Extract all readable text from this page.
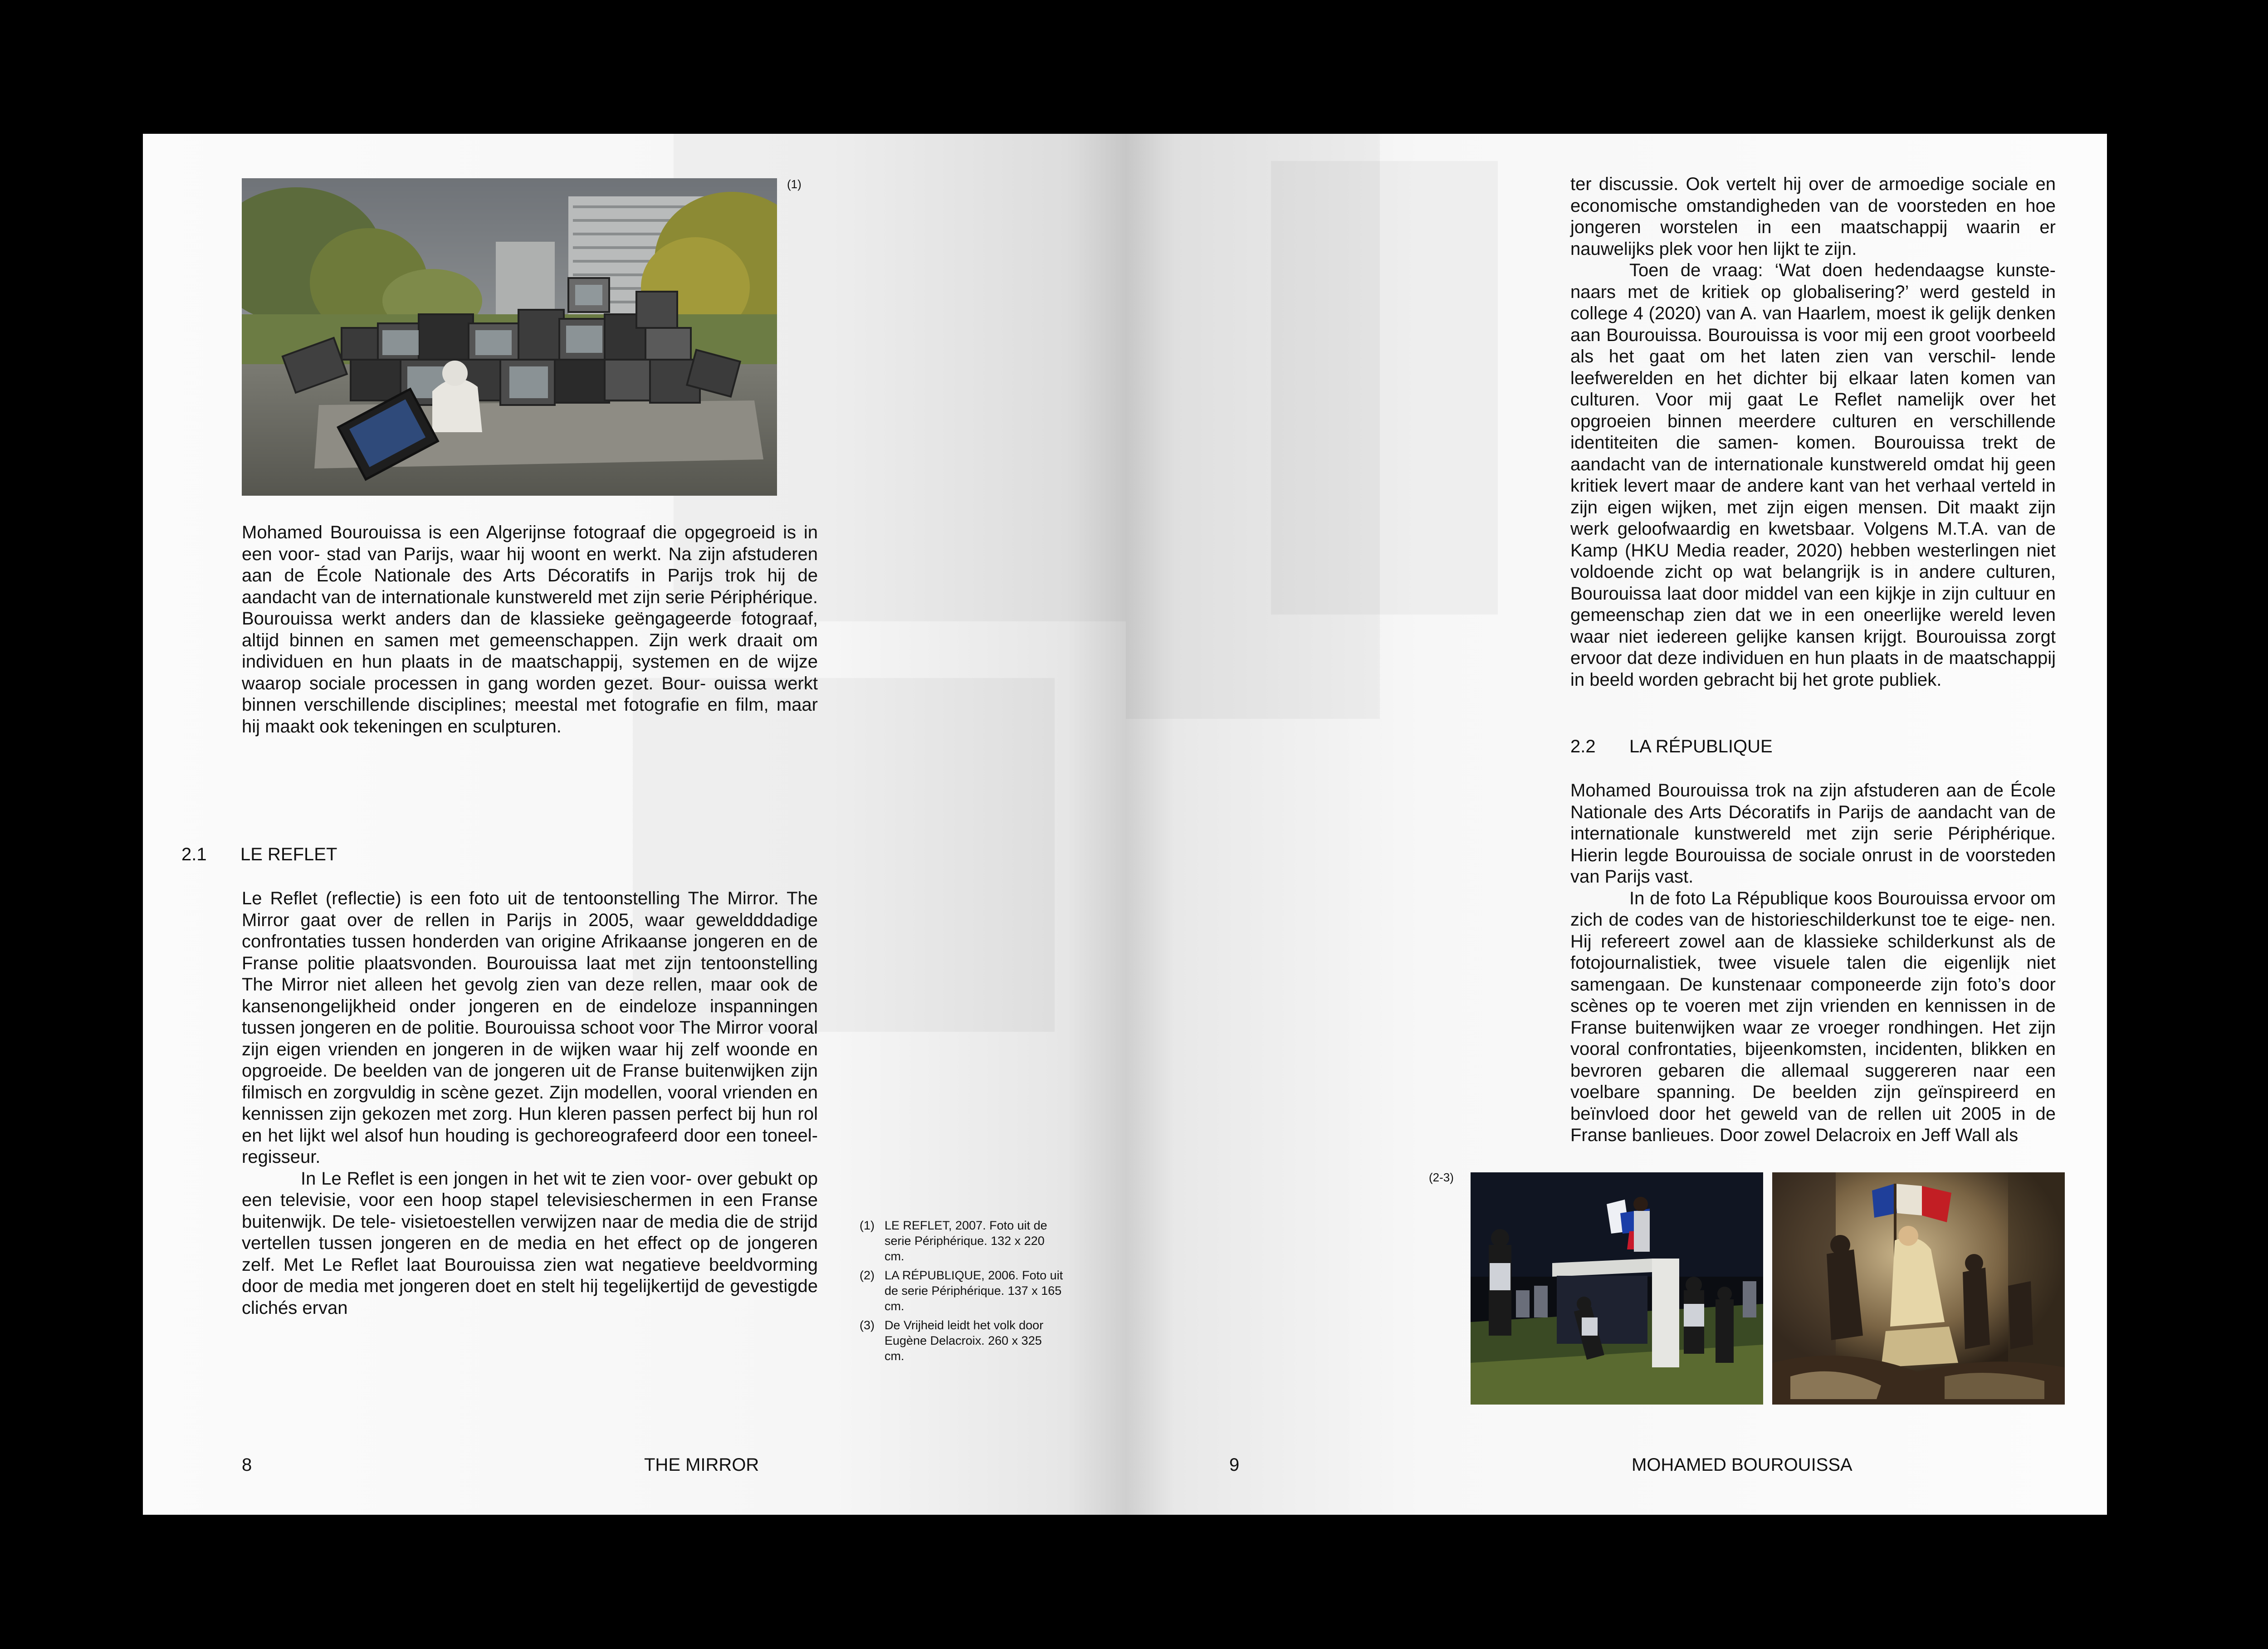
(1)

Mohamed Bourouissa is een Algerijnse fotograaf die opgegroeid is in een voor- stad van Parijs, waar hij woont en werkt. Na zijn afstuderen aan de École Nationale des Arts Décoratifs in Parijs trok hij de aandacht van de internationale kunstwereld met zijn serie Périphérique. Bourouissa werkt anders dan de klassieke geëngageerde fotograaf, altijd binnen en samen met gemeenschappen. Zijn werk draait om individuen en hun plaats in de maatschappij, systemen en de wijze waarop sociale processen in gang worden gezet. Bour- ouissa werkt binnen verschillende disciplines; meestal met fotografie en film, maar hij maakt ook tekeningen en sculpturen.

2.1 LE REFLET

Le Reflet (reflectie) is een foto uit de tentoonstelling The Mirror. The Mirror gaat over de rellen in Parijs in 2005, waar geweldddadige confrontaties tussen honderden van origine Afrikaanse jongeren en de Franse politie plaatsvonden. Bourouissa laat met zijn tentoonstelling The Mirror niet alleen het gevolg zien van deze rellen, maar ook de kansenongelijkheid onder jongeren en de eindeloze inspanningen tussen jongeren en de politie. Bourouissa schoot voor The Mirror vooral zijn eigen vrienden en jongeren in de wijken waar hij zelf woonde en opgroeide. De beelden van de jongeren uit de Franse buitenwijken zijn filmisch en zorgvuldig in scène gezet. Zijn modellen, vooral vrienden en kennissen zijn gekozen met zorg. Hun kleren passen perfect bij hun rol en het lijkt wel alsof hun houding is gechoreografeerd door een toneel- regisseur.

In Le Reflet is een jongen in het wit te zien voor- over gebukt op een televisie, voor een hoop stapel televisieschermen in een Franse buitenwijk. De tele- visietoestellen verwijzen naar de media die de strijd vertellen tussen jongeren en de media en het effect op de jongeren zelf. Met Le Reflet laat Bourouissa zien wat negatieve beeldvorming door de media met jongeren doet en stelt hij tegelijkertijd de gevestigde clichés ervan

(1) LE REFLET, 2007. Foto uit de serie Périphérique. 132 x 220 cm.
(2) LA RÉPUBLIQUE, 2006. Foto uit de serie Périphérique. 137 x 165 cm.
(3) De Vrijheid leidt het volk door Eugène Delacroix. 260 x 325 cm.
8	THE MIRROR

ter discussie. Ook vertelt hij over de armoedige sociale en economische omstandigheden van de voorsteden en hoe jongeren worstelen in een maatschappij waarin er nauwelijks plek voor hen lijkt te zijn.

Toen de vraag: ‘Wat doen hedendaagse kunste- naars met de kritiek op globalisering?’ werd gesteld in college 4 (2020) van A. van Haarlem, moest ik gelijk denken aan Bourouissa. Bourouissa is voor mij een groot voorbeeld als het gaat om het laten zien van verschil- lende leefwerelden en het dichter bij elkaar laten komen van culturen. Voor mij gaat Le Reflet namelijk over het opgroeien binnen meerdere culturen en verschillende identiteiten die samen- komen. Bourouissa trekt de aandacht van de internationale kunstwereld omdat hij geen kritiek levert maar de andere kant van het verhaal verteld in zijn eigen wijken, met zijn eigen mensen. Dit maakt zijn werk geloofwaardig en kwetsbaar. Volgens M.T.A. van de Kamp (HKU Media reader, 2020) hebben westerlingen niet voldoende zicht op wat belangrijk is in andere culturen, Bourouissa laat door middel van een kijkje in zijn cultuur en gemeenschap zien dat we in een oneerlijke wereld leven waar niet iedereen gelijke kansen krijgt. Bourouissa zorgt ervoor dat deze individuen en hun plaats in de maatschappij in beeld worden gebracht bij het grote publiek.

2.2 LA RÉPUBLIQUE

Mohamed Bourouissa trok na zijn afstuderen aan de École Nationale des Arts Décoratifs in Parijs de aandacht van de internationale kunstwereld met zijn serie Périphérique. Hierin legde Bourouissa de sociale onrust in de voorsteden van Parijs vast.

In de foto La République koos Bourouissa ervoor om zich de codes van de historieschilderkunst toe te eige- nen. Hij refereert zowel aan de klassieke schilderkunst als de fotojournalistiek, twee visuele talen die eigenlijk niet samengaan. De kunstenaar componeerde zijn foto’s door scènes op te voeren met zijn vrienden en kennissen in de Franse buitenwijken waar ze vroeger rondhingen. Het zijn vooral confrontaties, bijeenkomsten, incidenten, blikken en bevroren gebaren die allemaal suggereren naar een voelbare spanning. De beelden zijn geïnspireerd en beïnvloed door het geweld van de rellen uit 2005 in de Franse banlieues. Door zowel Delacroix en Jeff Wall als

(2-3)
9	MOHAMED BOUROUISSA
